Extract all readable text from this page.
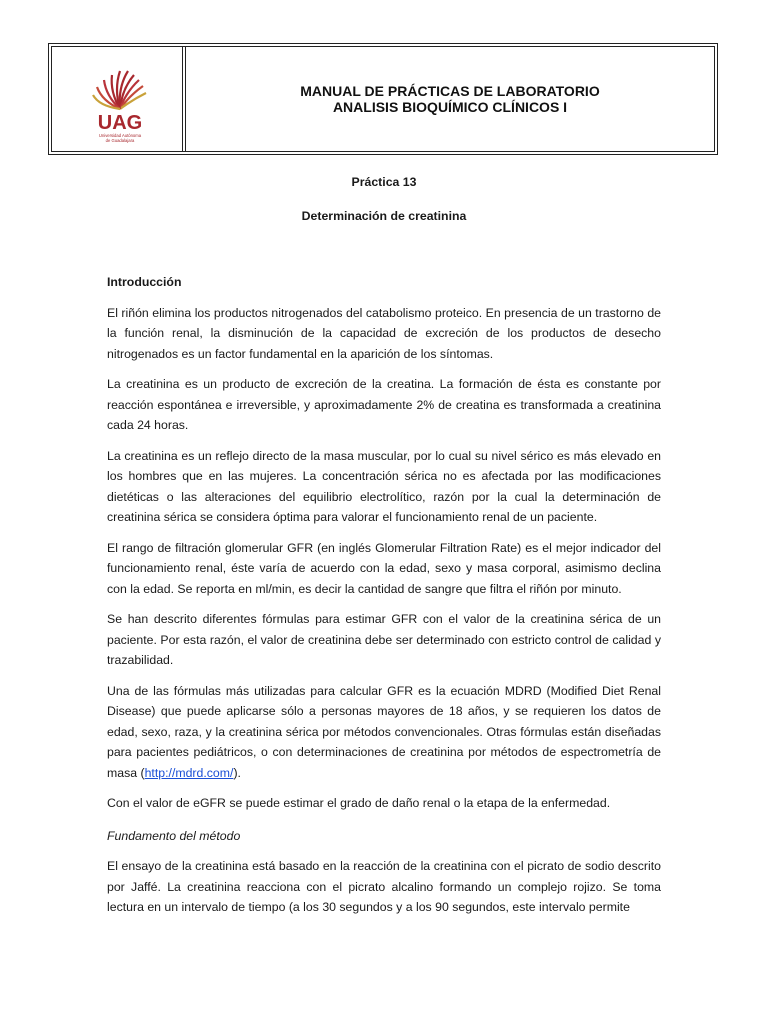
UAG
Universidad Autónoma
de Guadalajara
MANUAL DE PRÁCTICAS DE LABORATORIO
ANALISIS BIOQUÍMICO CLÍNICOS I
Práctica 13
Determinación de creatinina
Introducción

El riñón elimina los productos nitrogenados del catabolismo proteico. En presencia de un trastorno de la función renal, la disminución de la capacidad de excreción de los productos de desecho nitrogenados es un factor fundamental en la aparición de los síntomas.

La creatinina es un producto de excreción de la creatina. La formación de ésta es constante por reacción espontánea e irreversible, y aproximadamente 2% de creatina es transformada a creatinina cada 24 horas.

La creatinina es un reflejo directo de la masa muscular, por lo cual su nivel sérico es más elevado en los hombres que en las mujeres. La concentración sérica no es afectada por las modificaciones dietéticas o las alteraciones del equilibrio electrolítico, razón por la cual la determinación de creatinina sérica se considera óptima para valorar el funcionamiento renal de un paciente.

El rango de filtración glomerular GFR (en inglés Glomerular Filtration Rate) es el mejor indicador del funcionamiento renal, éste varía de acuerdo con la edad, sexo y masa corporal, asimismo declina con la edad. Se reporta en ml/min, es decir la cantidad de sangre que filtra el riñón por minuto.

Se han descrito diferentes fórmulas para estimar GFR con el valor de la creatinina sérica de un paciente. Por esta razón, el valor de creatinina debe ser determinado con estricto control de calidad y trazabilidad.

Una de las fórmulas más utilizadas para calcular GFR es la ecuación MDRD (Modified Diet Renal Disease) que puede aplicarse sólo a personas mayores de 18 años, y se requieren los datos de edad, sexo, raza, y la creatinina sérica por métodos convencionales. Otras fórmulas están diseñadas para pacientes pediátricos, o con determinaciones de creatinina por métodos de espectrometría de masa (http://mdrd.com/).

Con el valor de eGFR se puede estimar el grado de daño renal o la etapa de la enfermedad.

Fundamento del método

El ensayo de la creatinina está basado en la reacción de la creatinina con el picrato de sodio descrito por Jaffé. La creatinina reacciona con el picrato alcalino formando un complejo rojizo. Se toma lectura en un intervalo de tiempo (a los 30 segundos y a los 90 segundos, este intervalo permite
